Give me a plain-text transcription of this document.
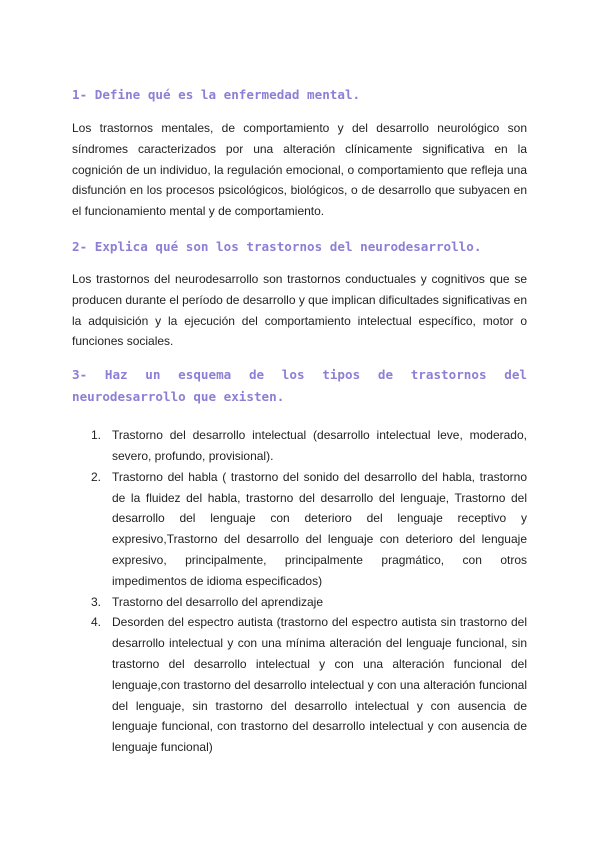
1- Define qué es la enfermedad mental.

Los trastornos mentales, de comportamiento y del desarrollo neurológico son síndromes caracterizados por una alteración clínicamente significativa en la cognición de un individuo, la regulación emocional, o comportamiento que refleja una disfunción en los procesos psicológicos, biológicos, o de desarrollo que subyacen en el funcionamiento mental y de comportamiento.

2- Explica qué son los trastornos del neurodesarrollo.

Los trastornos del neurodesarrollo son trastornos conductuales y cognitivos que se producen durante el período de desarrollo y que implican dificultades significativas en la adquisición y la ejecución del comportamiento intelectual específico, motor o funciones sociales.

3- Haz un esquema de los tipos de trastornos del neurodesarrollo que existen.
1. Trastorno del desarrollo intelectual (desarrollo intelectual leve, moderado, severo, profundo, provisional).
2. Trastorno del habla ( trastorno del sonido del desarrollo del habla, trastorno de la fluidez del habla, trastorno del desarrollo del lenguaje, Trastorno del desarrollo del lenguaje con deterioro del lenguaje receptivo y expresivo,Trastorno del desarrollo del lenguaje con deterioro del lenguaje expresivo, principalmente, principalmente pragmático, con otros impedimentos de idioma especificados)
3. Trastorno del desarrollo del aprendizaje
4. Desorden del espectro autista (trastorno del espectro autista sin trastorno del desarrollo intelectual y con una mínima alteración del lenguaje funcional, sin trastorno del desarrollo intelectual y con una alteración funcional del lenguaje,con trastorno del desarrollo intelectual y con una alteración funcional del lenguaje, sin trastorno del desarrollo intelectual y con ausencia de lenguaje funcional, con trastorno del desarrollo intelectual y con ausencia de lenguaje funcional)
